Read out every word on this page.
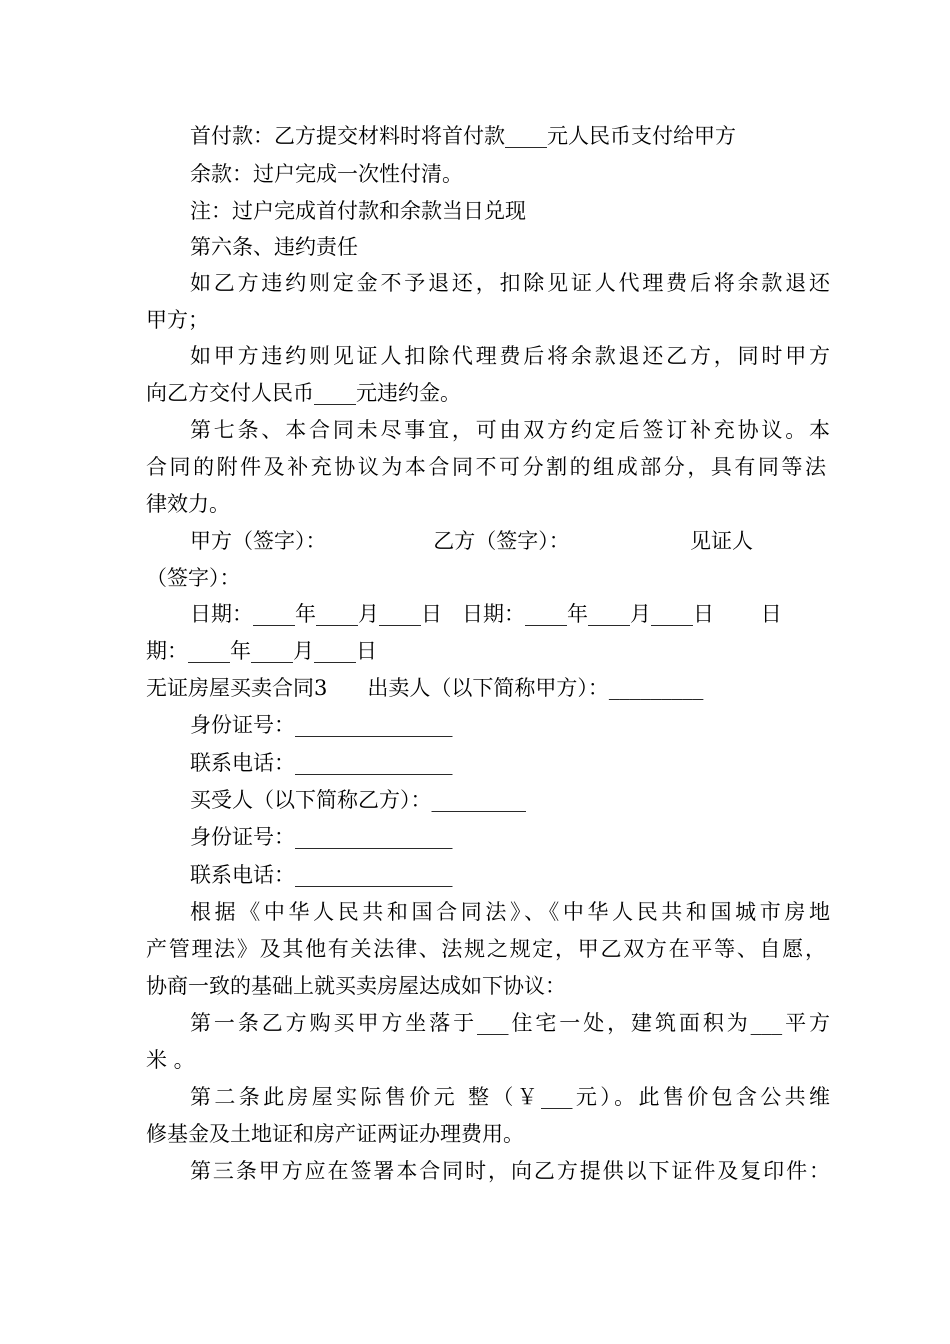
首付款：乙方提交材料时将首付款____元人民币支付给甲方
余款：过户完成一次性付清。
注：过户完成首付款和余款当日兑现
第六条、违约责任
如乙方违约则定金不予退还，扣除见证人代理费后将余款退还
甲方；
如甲方违约则见证人扣除代理费后将余款退还乙方，同时甲方
向乙方交付人民币____元违约金。
第七条、本合同未尽事宜，可由双方约定后签订补充协议。本
合同的附件及补充协议为本合同不可分割的组成部分，具有同等法
律效力。
甲方（签字）：                乙方（签字）：                  见证人
（签字）：
日期：____年____月____日   日期：____年____月____日       日
期：____年____月____日
无证房屋买卖合同3      出卖人（以下简称甲方）：_________
身份证号：_______________
联系电话：_______________
买受人（以下简称乙方）：_________
身份证号：_______________
联系电话：_______________
根据《中华人民共和国合同法》、《中华人民共和国城市房地
产管理法》及其他有关法律、法规之规定，甲乙双方在平等、自愿，
协商一致的基础上就买卖房屋达成如下协议：
第一条乙方购买甲方坐落于___住宅一处，建筑面积为___平方
米 。
第二条此房屋实际售价元 整（￥___元）。此售价包含公共维
修基金及土地证和房产证两证办理费用。
第三条甲方应在签署本合同时，向乙方提供以下证件及复印件：
